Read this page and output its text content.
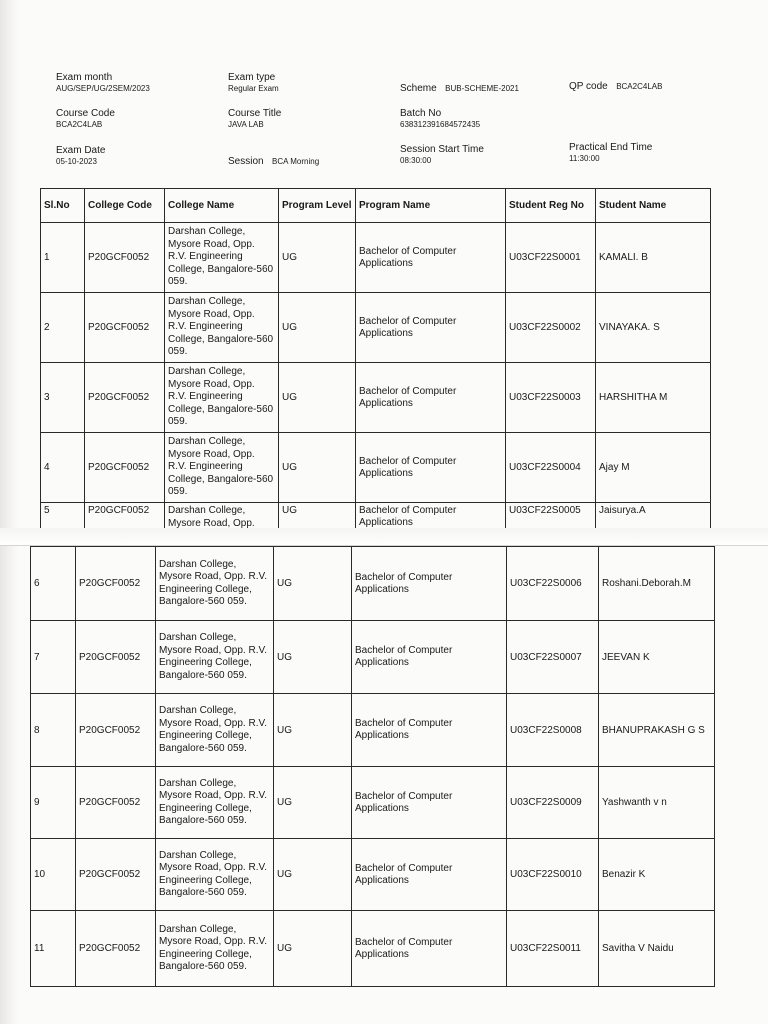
Exam month
AUG/SEP/UG/2SEM/2023
Exam type
Regular Exam	Scheme BUB-SCHEME-2021	QP code BCA2C4LAB
Course Code
BCA2C4LAB
Course Title
JAVA LAB
Batch No
638312391684572435
Exam Date
05-10-2023	Session BCA Morning
Session Start Time
08:30:00
Practical End Time
11:30:00
Sl.No	College Code	College Name	Program Level	Program Name	Student Reg No	Student Name
1	P20GCF0052	Darshan College, Mysore Road, Opp. R.V. Engineering College, Bangalore-560 059.	UG	Bachelor of Computer Applications	U03CF22S0001	KAMALI. B
2	P20GCF0052	Darshan College, Mysore Road, Opp. R.V. Engineering College, Bangalore-560 059.	UG	Bachelor of Computer Applications	U03CF22S0002	VINAYAKA. S
3	P20GCF0052	Darshan College, Mysore Road, Opp. R.V. Engineering College, Bangalore-560 059.	UG	Bachelor of Computer Applications	U03CF22S0003	HARSHITHA M
4	P20GCF0052	Darshan College, Mysore Road, Opp. R.V. Engineering College, Bangalore-560 059.	UG	Bachelor of Computer Applications	U03CF22S0004	Ajay M
5	P20GCF0052	Darshan College, Mysore Road, Opp.	UG	Bachelor of Computer Applications	U03CF22S0005	Jaisurya.A
6	P20GCF0052	Darshan College, Mysore Road, Opp. R.V. Engineering College, Bangalore-560 059.	UG	Bachelor of Computer Applications	U03CF22S0006	Roshani.Deborah.M
7	P20GCF0052	Darshan College, Mysore Road, Opp. R.V. Engineering College, Bangalore-560 059.	UG	Bachelor of Computer Applications	U03CF22S0007	JEEVAN K
8	P20GCF0052	Darshan College, Mysore Road, Opp. R.V. Engineering College, Bangalore-560 059.	UG	Bachelor of Computer Applications	U03CF22S0008	BHANUPRAKASH G S
9	P20GCF0052	Darshan College, Mysore Road, Opp. R.V. Engineering College, Bangalore-560 059.	UG	Bachelor of Computer Applications	U03CF22S0009	Yashwanth v n
10	P20GCF0052	Darshan College, Mysore Road, Opp. R.V. Engineering College, Bangalore-560 059.	UG	Bachelor of Computer Applications	U03CF22S0010	Benazir K
11	P20GCF0052	Darshan College, Mysore Road, Opp. R.V. Engineering College, Bangalore-560 059.	UG	Bachelor of Computer Applications	U03CF22S0011	Savitha V Naidu
